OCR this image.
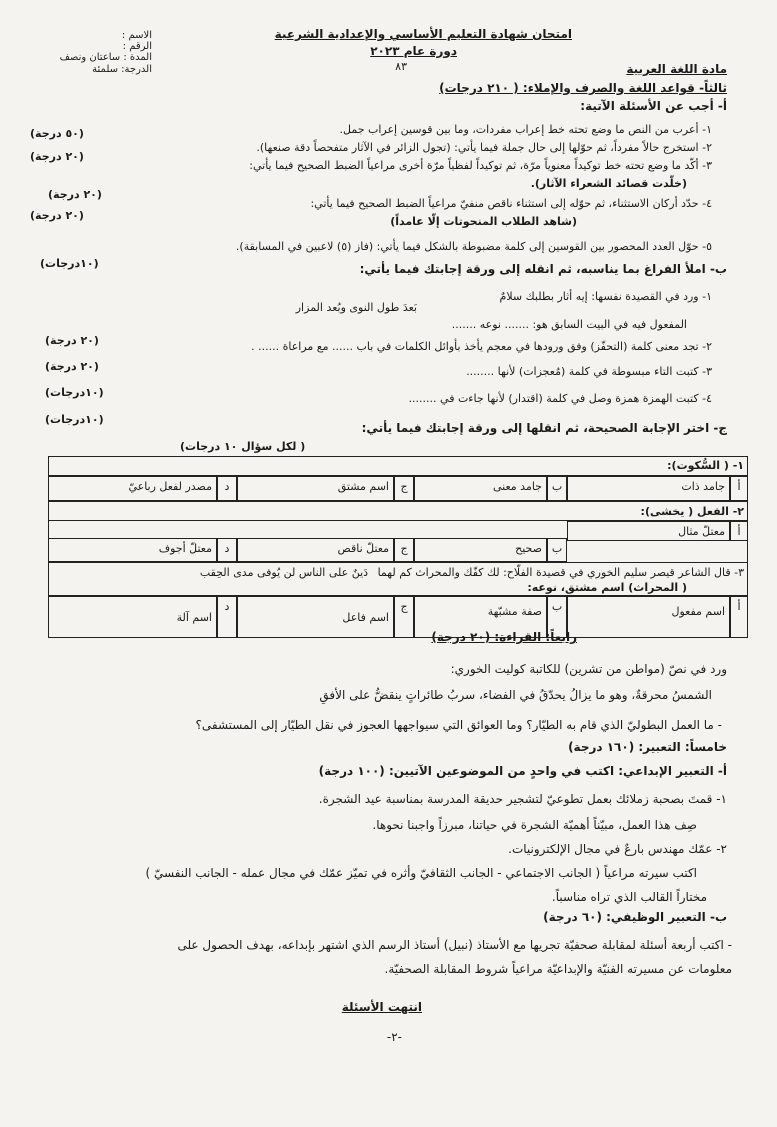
امتحان شهادة التعليم الأساسي والإعدادية الشرعية
دورة عام ٢٠٢٣
٨٣
الاسم :
الرقم :
المدة : ساعتان ونصف
الدرجة: سلمئة	مادة اللغة العربية
ثالثاً- قواعد اللغة والصرف والإملاء: ( ٢١٠ درجات)
أ- أجب عن الأسئلة الآتية:
١- أعرب من النص ما وضع تحته خط إعراب مفردات، وما بين قوسين إعراب جمل.
(٥٠ درجة)
٢- استخرج حالاً مفرداً، ثم حوّلها إلى حال جملة فيما يأتي: (تجول الزائر في الآثار متفحصاً دقة صنعها).
(٢٠ درجة)
٣- أكّد ما وضع تحته خط توكيداً معنوياً مرّة، ثم توكيداً لفظياً مرّة أخرى مراعياً الضبط الصحيح فيما يأتي:
(خلّدت قصائد الشعراء الآثار).
(٢٠ درجة)
٤- حدّد أركان الاستثناء، ثم حوّله إلى استثناء ناقص منفيّ مراعياً الضبط الصحيح فيما يأتي:
(٢٠ درجة)	(شاهد الطلاب المنحوتات إلّا عامداً)
٥- حوّل العدد المحصور بين القوسين إلى كلمة مضبوطة بالشكل فيما يأتي: (فاز (٥) لاعبين في المسابقة).
(١٠درجات)	ب- املأ الفراغ بما يناسبه، ثم انقله إلى ورقة إجابتك فيما يأتي:
١- ورد في القصيدة نفسها: إيه أثار بطلبك سلامٌ
بَعدَ طول النوى وبُعد المزار
المفعول فيه في البيت السابق هو: ....... نوعه .......
(٢٠ درجة)	٢- تجد معنى كلمة (التحفّز) وفق ورودها في معجم يأخذ بأوائل الكلمات في باب ...... مع مراعاة ...... .
(٢٠ درجة)	٣- كتبت التاء مبسوطة في كلمة (مُعجزات) لأنها ........
(١٠درجات)	٤- كتبت الهمزة همزة وصل في كلمة (اقتدار) لأنها جاءت في ........
(١٠درجات)
ج- اختر الإجابة الصحيحة، ثم انقلها إلى ورقة إجابتك فيما يأتي:
( لكل سؤال ١٠ درجات)
١- ( السُّكوت):
أ
جامد ذات
ب
جامد معنى
ج
اسم مشتق
د
مصدر لفعل رباعيّ
٢- الفعل ( يخشى):
أ
معتلّ مثال
ب
صحيح
ج
معتلّ ناقص
د
معتلّ أجوف
٣- قال الشاعر قيصر سليم الخوري في قصيدة الفلّاح: لك كفّك والمحراث كم لهما دَينٌ على الناس لن يُوفى مدى الحِقب
( المحراث) اسم مشتق، نوعه:
أ
اسم مفعول
ب
صفة مشبّهة
ج
اسم فاعل
د
اسم آلة
رابعاً: القراءة: (٢٠ درجة)
ورد في نصّ (مواطن من تشرين) للكاتبة كوليت الخوري:
الشمسُ محرقةٌ، وهو ما يزالُ يحدّقُ في الفضاء، سربُ طائراتٍ ينقضُّ على الأفقِ
- ما العمل البطوليّ الذي قام به الطيّار؟ وما العوائق التي سيواجهها العجوز في نقل الطيّار إلى المستشفى؟
خامساً: التعبير: (١٦٠ درجة)
أ- التعبير الإبداعي: اكتب في واحدٍ من الموضوعين الآتيين: (١٠٠ درجة)
١- قمتَ بصحبة زملائك بعمل تطوعيّ لتشجير حديقة المدرسة بمناسبة عيد الشجرة.
صِف هذا العمل، مبيّناً أهميّة الشجرة في حياتنا، مبرزاً واجبنا نحوها.
٢- عمّك مهندس بارعٌ في مجال الإلكترونيات.
اكتب سيرته مراعياً ( الجانب الاجتماعي - الجانب الثقافيّ وأثره في تميّز عمّك في مجال عمله - الجانب النفسيّ )
مختاراً القالب الذي تراه مناسباً.
ب- التعبير الوظيفي: (٦٠ درجة)
- اكتب أربعة أسئلة لمقابلة صحفيّة تجريها مع الأستاذ (نبيل) أستاذ الرسم الذي اشتهر بإبداعه، بهدف الحصول على
معلومات عن مسيرته الفنيّة والإبداعيّة مراعياً شروط المقابلة الصحفيّة.
انتهت الأسئلة
-٢-
